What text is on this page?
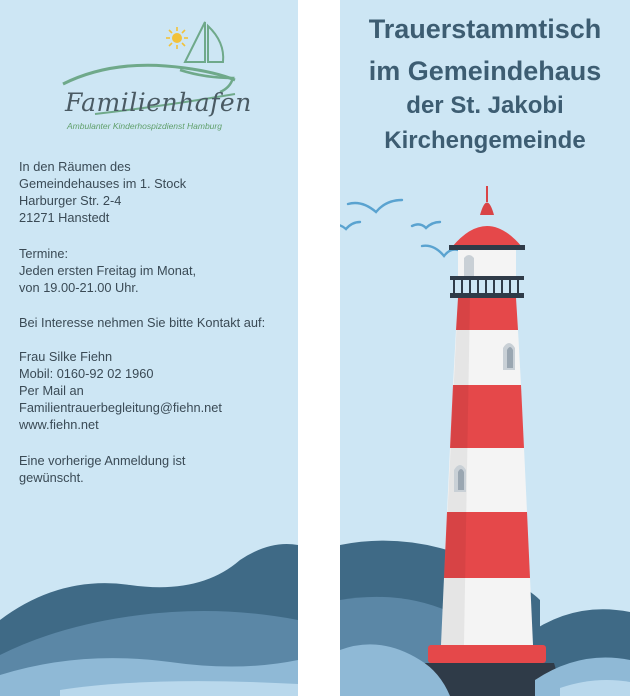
Familienhafen
Ambulanter Kinderhospizdienst Hamburg
In den Räumen des
Gemeindehauses im 1. Stock
Harburger Str. 2-4
21271 Hanstedt
Termine:
Jeden ersten Freitag im Monat,
von 19.00-21.00 Uhr.
Bei Interesse nehmen Sie bitte Kontakt auf:
Frau Silke Fiehn
Mobil: 0160-92 02 1960
Per Mail an
Familientrauerbegleitung@fiehn.net
www.fiehn.net
Eine vorherige Anmeldung ist
gewünscht.
Trauerstammtisch
im Gemeindehaus
der St. Jakobi
Kirchengemeinde
